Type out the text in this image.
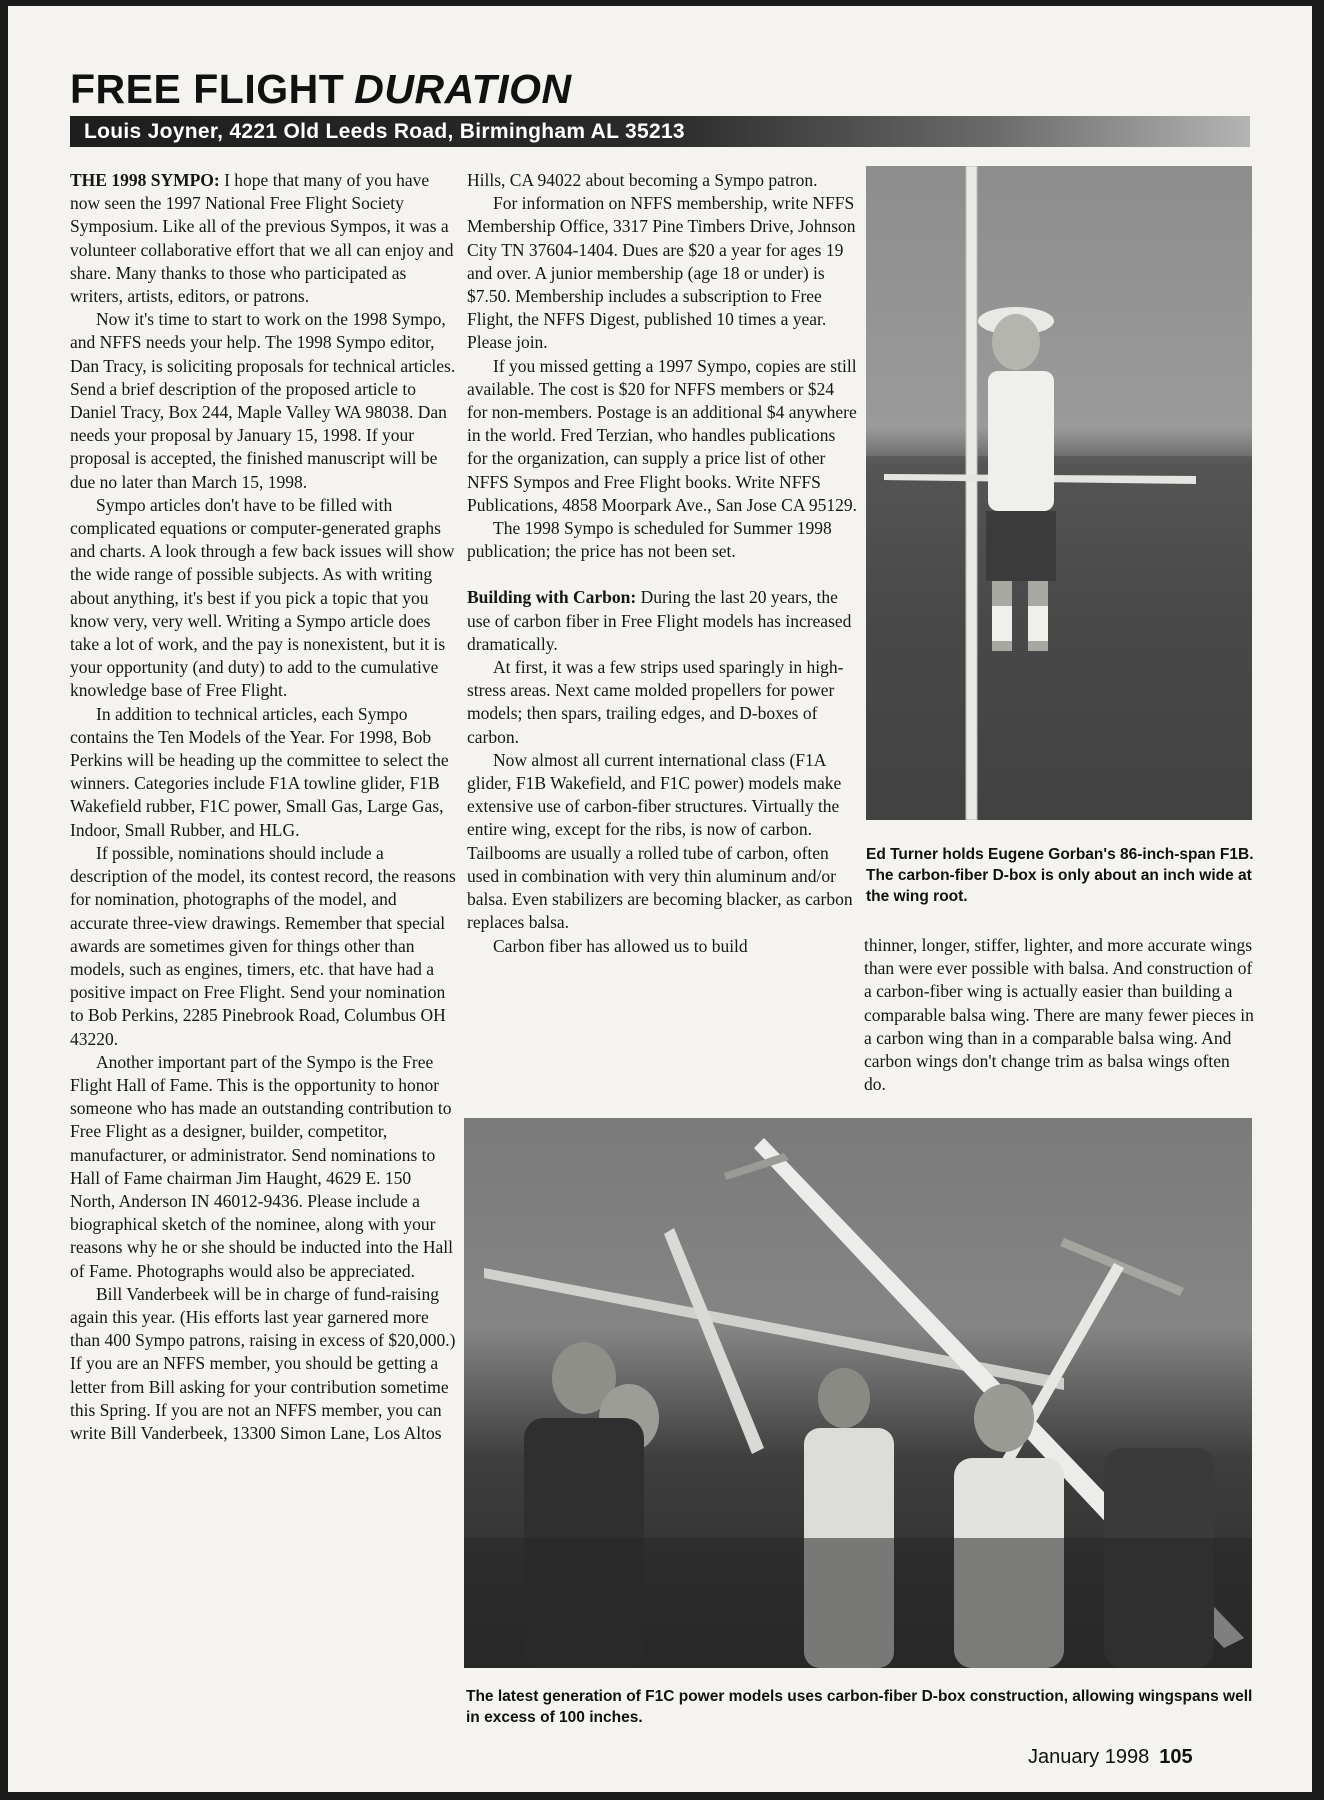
FREE FLIGHT DURATION
Louis Joyner, 4221 Old Leeds Road, Birmingham AL 35213

THE 1998 SYMPO: I hope that many of you have now seen the 1997 National Free Flight Society Symposium. Like all of the previous Sympos, it was a volunteer collaborative effort that we all can enjoy and share. Many thanks to those who participated as writers, artists, editors, or patrons.

Now it's time to start to work on the 1998 Sympo, and NFFS needs your help. The 1998 Sympo editor, Dan Tracy, is soliciting proposals for technical articles. Send a brief description of the proposed article to Daniel Tracy, Box 244, Maple Valley WA 98038. Dan needs your proposal by January 15, 1998. If your proposal is accepted, the finished manuscript will be due no later than March 15, 1998.

Sympo articles don't have to be filled with complicated equations or computer-generated graphs and charts. A look through a few back issues will show the wide range of possible subjects. As with writing about anything, it's best if you pick a topic that you know very, very well. Writing a Sympo article does take a lot of work, and the pay is nonexistent, but it is your opportunity (and duty) to add to the cumulative knowledge base of Free Flight.

In addition to technical articles, each Sympo contains the Ten Models of the Year. For 1998, Bob Perkins will be heading up the committee to select the winners. Categories include F1A towline glider, F1B Wakefield rubber, F1C power, Small Gas, Large Gas, Indoor, Small Rubber, and HLG.

If possible, nominations should include a description of the model, its contest record, the reasons for nomination, photographs of the model, and accurate three-view drawings. Remember that special awards are sometimes given for things other than models, such as engines, timers, etc. that have had a positive impact on Free Flight. Send your nomination to Bob Perkins, 2285 Pinebrook Road, Columbus OH 43220.

Another important part of the Sympo is the Free Flight Hall of Fame. This is the opportunity to honor someone who has made an outstanding contribution to Free Flight as a designer, builder, competitor, manufacturer, or administrator. Send nominations to Hall of Fame chairman Jim Haught, 4629 E. 150 North, Anderson IN 46012-9436. Please include a biographical sketch of the nominee, along with your reasons why he or she should be inducted into the Hall of Fame. Photographs would also be appreciated.

Bill Vanderbeek will be in charge of fund-raising again this year. (His efforts last year garnered more than 400 Sympo patrons, raising in excess of $20,000.) If you are an NFFS member, you should be getting a letter from Bill asking for your contribution sometime this Spring. If you are not an NFFS member, you can write Bill Vanderbeek, 13300 Simon Lane, Los Altos

Hills, CA 94022 about becoming a Sympo patron.

For information on NFFS membership, write NFFS Membership Office, 3317 Pine Timbers Drive, Johnson City TN 37604-1404. Dues are $20 a year for ages 19 and over. A junior membership (age 18 or under) is $7.50. Membership includes a subscription to Free Flight, the NFFS Digest, published 10 times a year. Please join.

If you missed getting a 1997 Sympo, copies are still available. The cost is $20 for NFFS members or $24 for non-members. Postage is an additional $4 anywhere in the world. Fred Terzian, who handles publications for the organization, can supply a price list of other NFFS Sympos and Free Flight books. Write NFFS Publications, 4858 Moorpark Ave., San Jose CA 95129.

The 1998 Sympo is scheduled for Summer 1998 publication; the price has not been set.

Building with Carbon: During the last 20 years, the use of carbon fiber in Free Flight models has increased dramatically.

At first, it was a few strips used sparingly in high-stress areas. Next came molded propellers for power models; then spars, trailing edges, and D-boxes of carbon.

Now almost all current international class (F1A glider, F1B Wakefield, and F1C power) models make extensive use of carbon-fiber structures. Virtually the entire wing, except for the ribs, is now of carbon. Tailbooms are usually a rolled tube of carbon, often used in combination with very thin aluminum and/or balsa. Even stabilizers are becoming blacker, as carbon replaces balsa.

Carbon fiber has allowed us to build

Ed Turner holds Eugene Gorban's 86-inch-span F1B. The carbon-fiber D-box is only about an inch wide at the wing root.

thinner, longer, stiffer, lighter, and more accurate wings than were ever possible with balsa. And construction of a carbon-fiber wing is actually easier than building a comparable balsa wing. There are many fewer pieces in a carbon wing than in a comparable balsa wing. And carbon wings don't change trim as balsa wings often do.

The latest generation of F1C power models uses carbon-fiber D-box construction, allowing wingspans well in excess of 100 inches.

January 1998 105
